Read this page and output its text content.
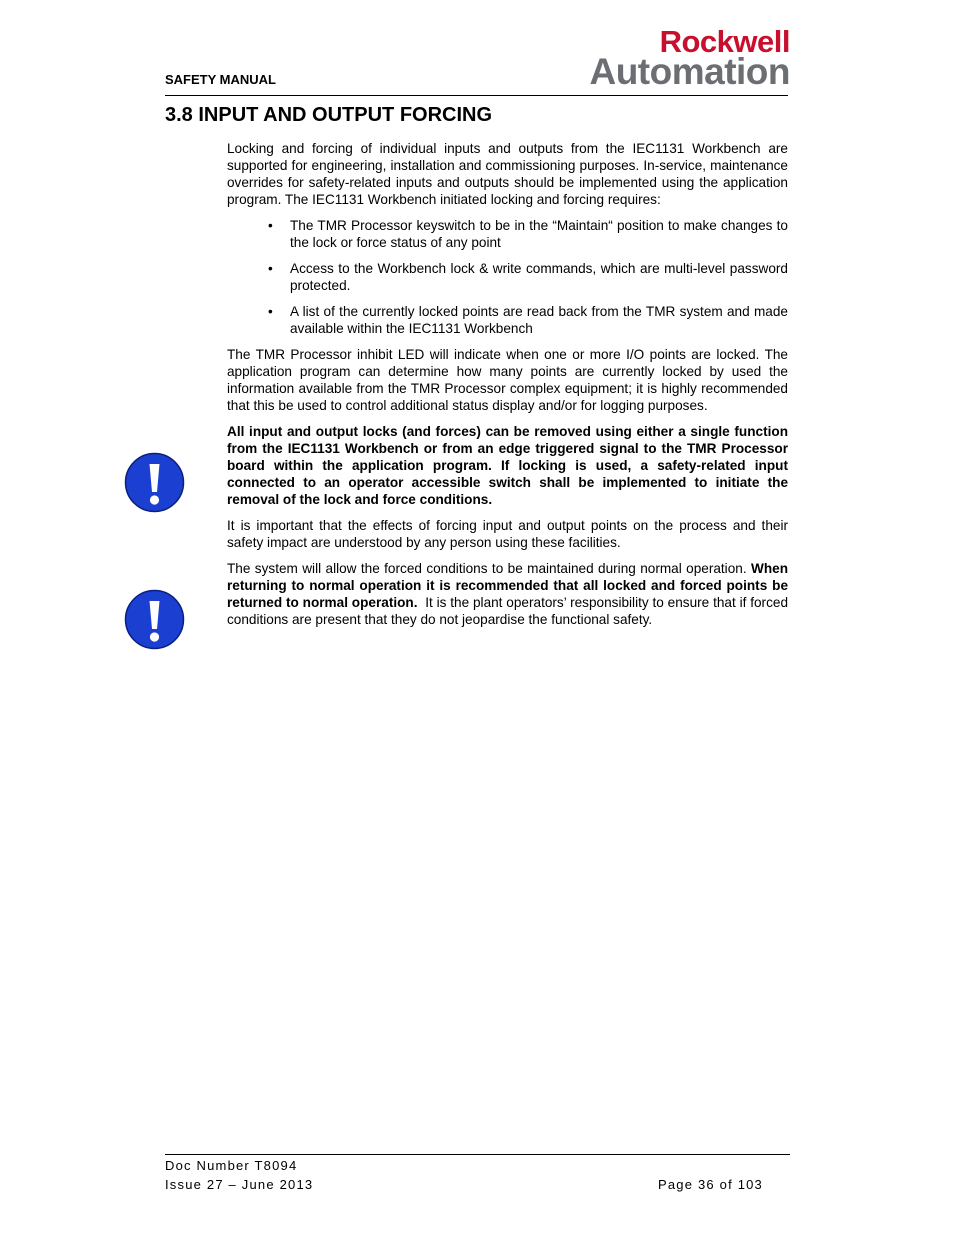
SAFETY MANUAL
Rockwell
Automation
3.8 INPUT AND OUTPUT FORCING

Locking and forcing of individual inputs and outputs from the IEC1131 Workbench are supported for engineering, installation and commissioning purposes. In-service, maintenance overrides for safety-related inputs and outputs should be implemented using the application program. The IEC1131 Workbench initiated locking and forcing requires:

• The TMR Processor keyswitch to be in the “Maintain“ position to make changes to the lock or force status of any point
• Access to the Workbench lock & write commands, which are multi-level password protected.
• A list of the currently locked points are read back from the TMR system and made available within the IEC1131 Workbench

The TMR Processor inhibit LED will indicate when one or more I/O points are locked. The application program can determine how many points are currently locked by used the information available from the TMR Processor complex equipment; it is highly recommended that this be used to control additional status display and/or for logging purposes.

All input and output locks (and forces) can be removed using either a single function from the IEC1131 Workbench or from an edge triggered signal to the TMR Processor board within the application program. If locking is used, a safety-related input connected to an operator accessible switch shall be implemented to initiate the removal of the lock and force conditions.

It is important that the effects of forcing input and output points on the process and their safety impact are understood by any person using these facilities.

The system will allow the forced conditions to be maintained during normal operation. When returning to normal operation it is recommended that all locked and forced points be returned to normal operation. It is the plant operators’ responsibility to ensure that if forced conditions are present that they do not jeopardise the functional safety.

Doc Number T8094
Issue 27 – June 2013	Page 36 of 103
